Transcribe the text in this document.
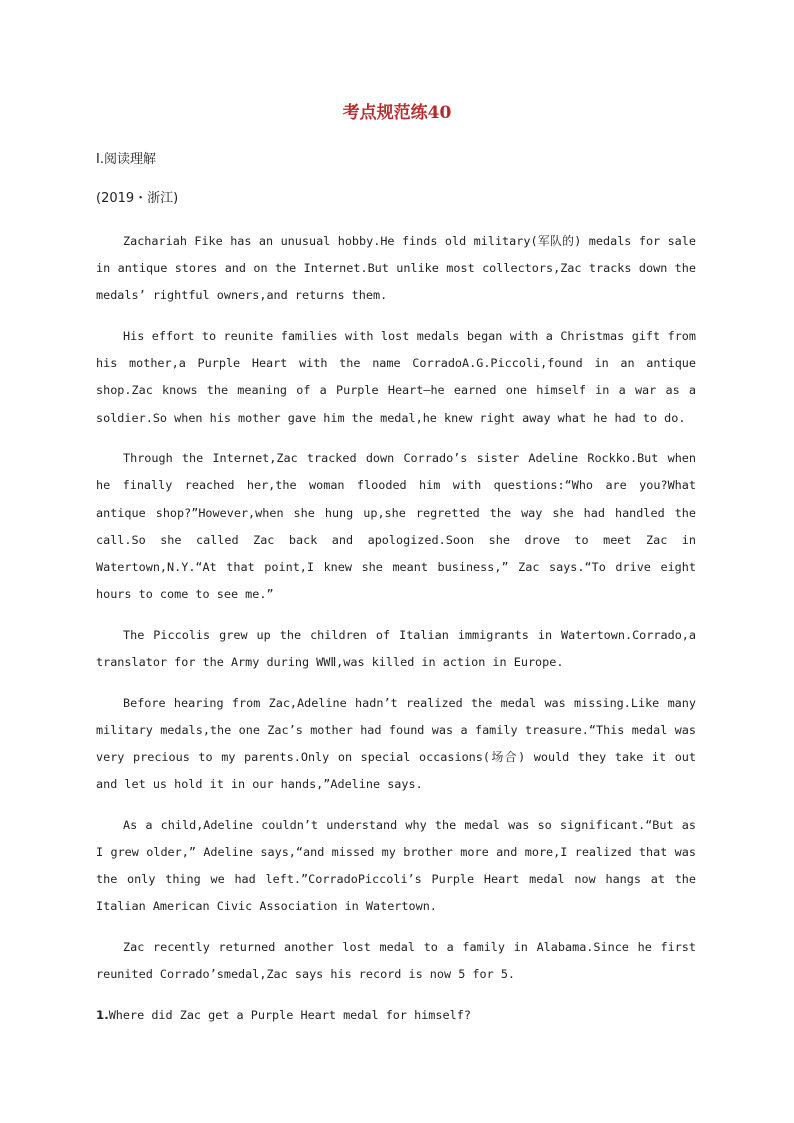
考点规范练40
Ⅰ.阅读理解
(2019・浙江)

Zachariah Fike has an unusual hobby.He finds old military(军队的) medals for sale in antique stores and on the Internet.But unlike most collectors,Zac tracks down the medals’ rightful owners,and returns them.

His effort to reunite families with lost medals began with a Christmas gift from his mother,a Purple Heart with the name CorradoA.G.Piccoli,found in an antique shop.Zac knows the meaning of a Purple Heart—he earned one himself in a war as a soldier.So when his mother gave him the medal,he knew right away what he had to do.

Through the Internet,Zac tracked down Corrado’s sister Adeline Rockko.But when he finally reached her,the woman flooded him with questions:“Who are you?What antique shop?”However,when she hung up,she regretted the way she had handled the call.So she called Zac back and apologized.Soon she drove to meet Zac in Watertown,N.Y.“At that point,I knew she meant business,” Zac says.“To drive eight hours to come to see me.”

The Piccolis grew up the children of Italian immigrants in Watertown.Corrado,a translator for the Army during WWⅡ,was killed in action in Europe.

Before hearing from Zac,Adeline hadn’t realized the medal was missing.Like many military medals,the one Zac’s mother had found was a family treasure.“This medal was very precious to my parents.Only on special occasions(场合) would they take it out and let us hold it in our hands,”Adeline says.

As a child,Adeline couldn’t understand why the medal was so significant.“But as I grew older,” Adeline says,“and missed my brother more and more,I realized that was the only thing we had left.”CorradoPiccoli’s Purple Heart medal now hangs at the Italian American Civic Association in Watertown.

Zac recently returned another lost medal to a family in Alabama.Since he first reunited Corrado’smedal,Zac says his record is now 5 for 5.

1.Where did Zac get a Purple Heart medal for himself?
